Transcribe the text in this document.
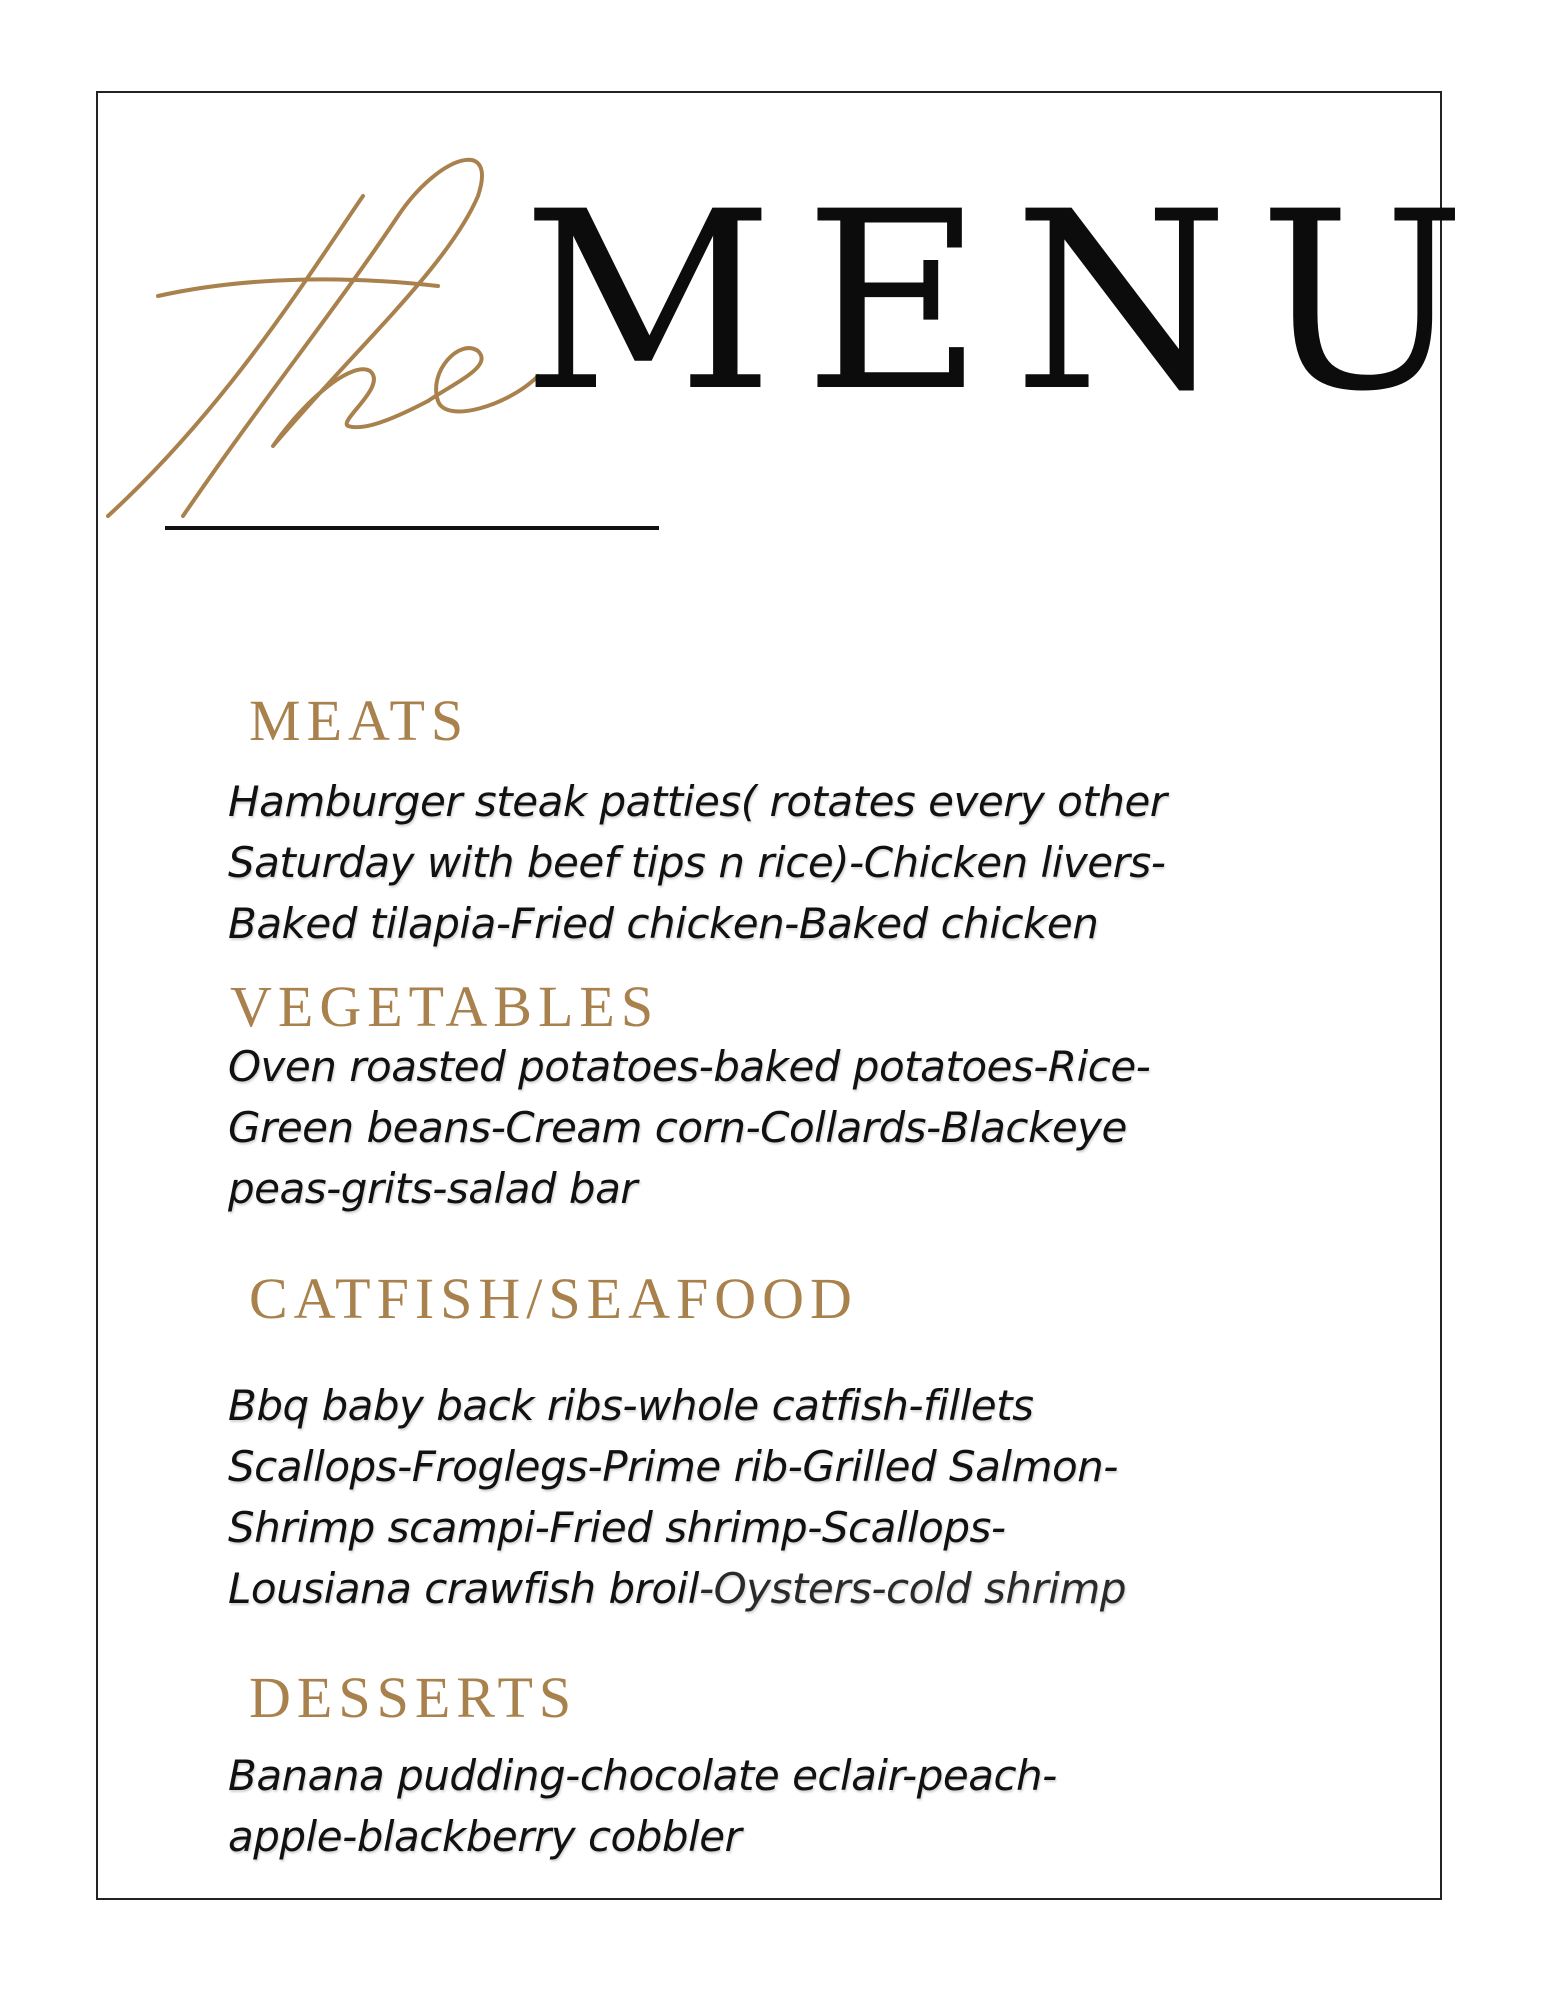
MENU
MEATS

Hamburger steak patties( rotates every other
Saturday with beef tips n rice)-Chicken livers-
Baked tilapia-Fried chicken-Baked chicken

VEGETABLES

Oven roasted potatoes-baked potatoes-Rice-
Green beans-Cream corn-Collards-Blackeye
peas-grits-salad bar

CATFISH/SEAFOOD

Bbq baby back ribs-whole catfish-fillets
Scallops-Froglegs-Prime rib-Grilled Salmon-
Shrimp scampi-Fried shrimp-Scallops-
Lousiana crawfish broil-Oysters-cold shrimp

DESSERTS

Banana pudding-chocolate eclair-peach-
apple-blackberry cobbler
